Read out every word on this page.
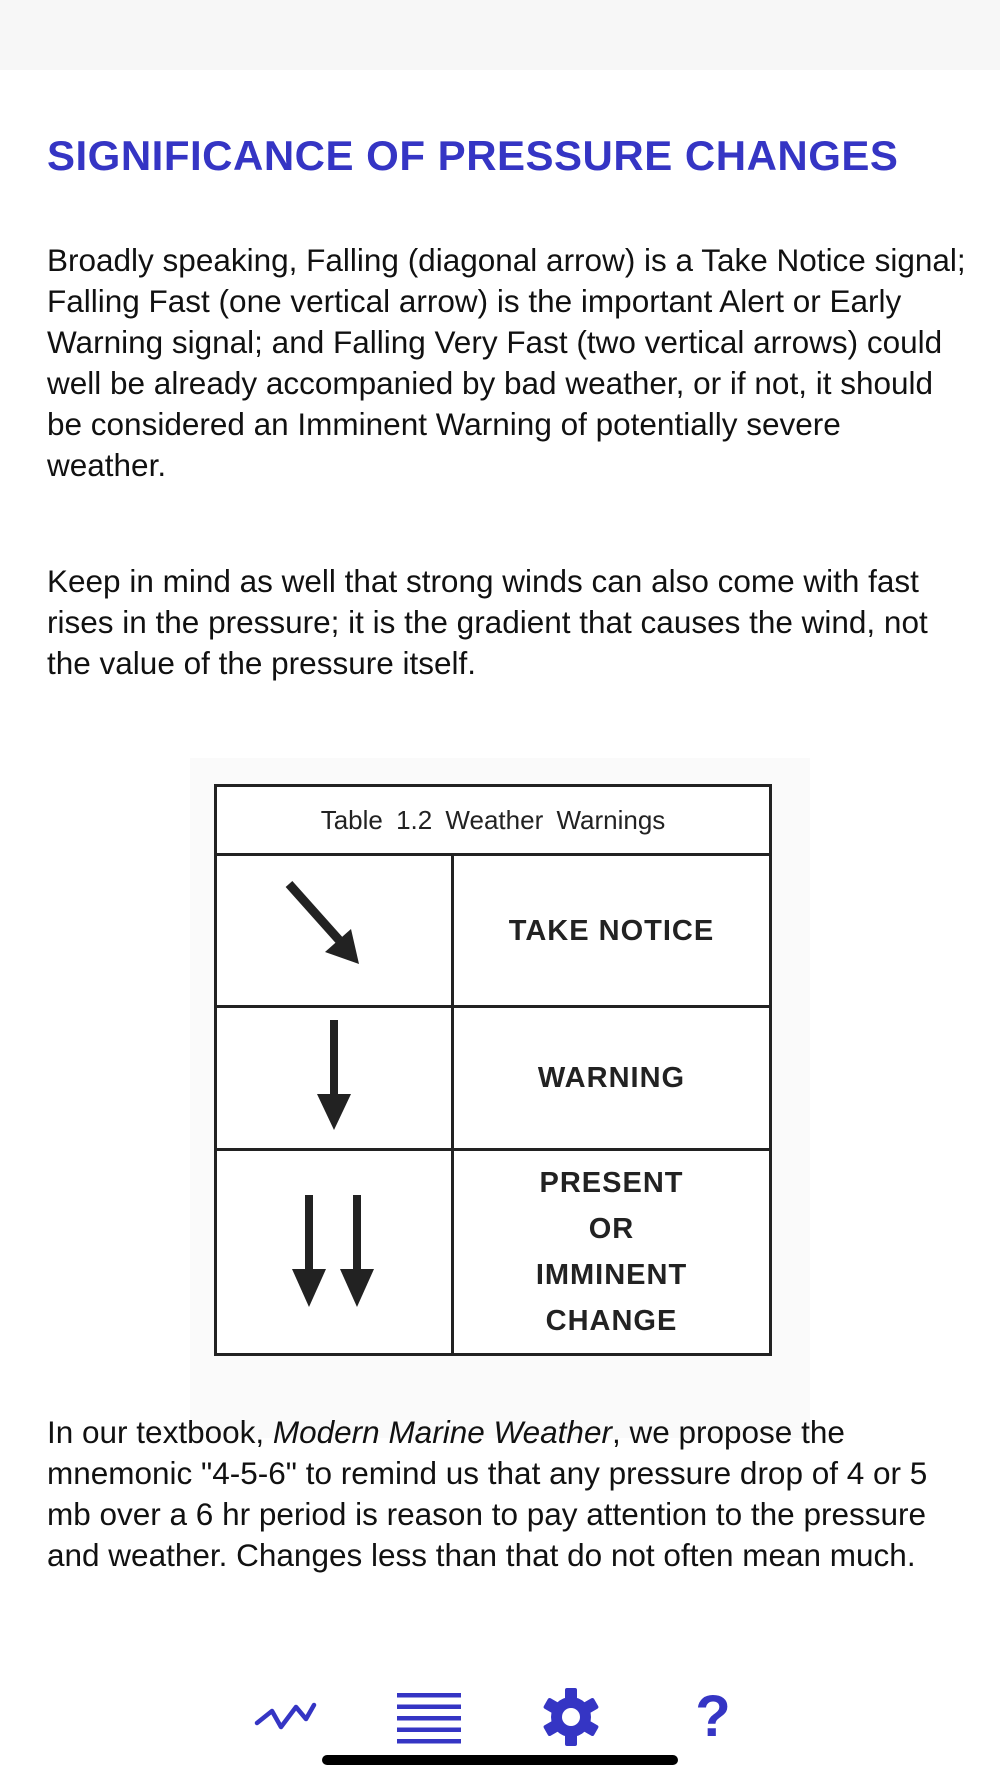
SIGNIFICANCE OF PRESSURE CHANGES

Broadly speaking, Falling (diagonal arrow) is a Take Notice signal; Falling Fast (one vertical arrow) is the important Alert or Early Warning signal; and Falling Very Fast (two vertical arrows) could well be already accompanied by bad weather, or if not, it should be considered an Imminent Warning of potentially severe weather.

Keep in mind as well that strong winds can also come with fast rises in the pressure; it is the gradient that causes the wind, not the value of the pressure itself.

Table 1.2 Weather Warnings
TAKE NOTICE
WARNING
PRESENT
OR
IMMINENT
CHANGE

In our textbook, Modern Marine Weather, we propose the mnemonic "4-5-6" to remind us that any pressure drop of 4 or 5 mb over a 6 hr period is reason to pay attention to the pressure and weather. Changes less than that do not often mean much.

?
